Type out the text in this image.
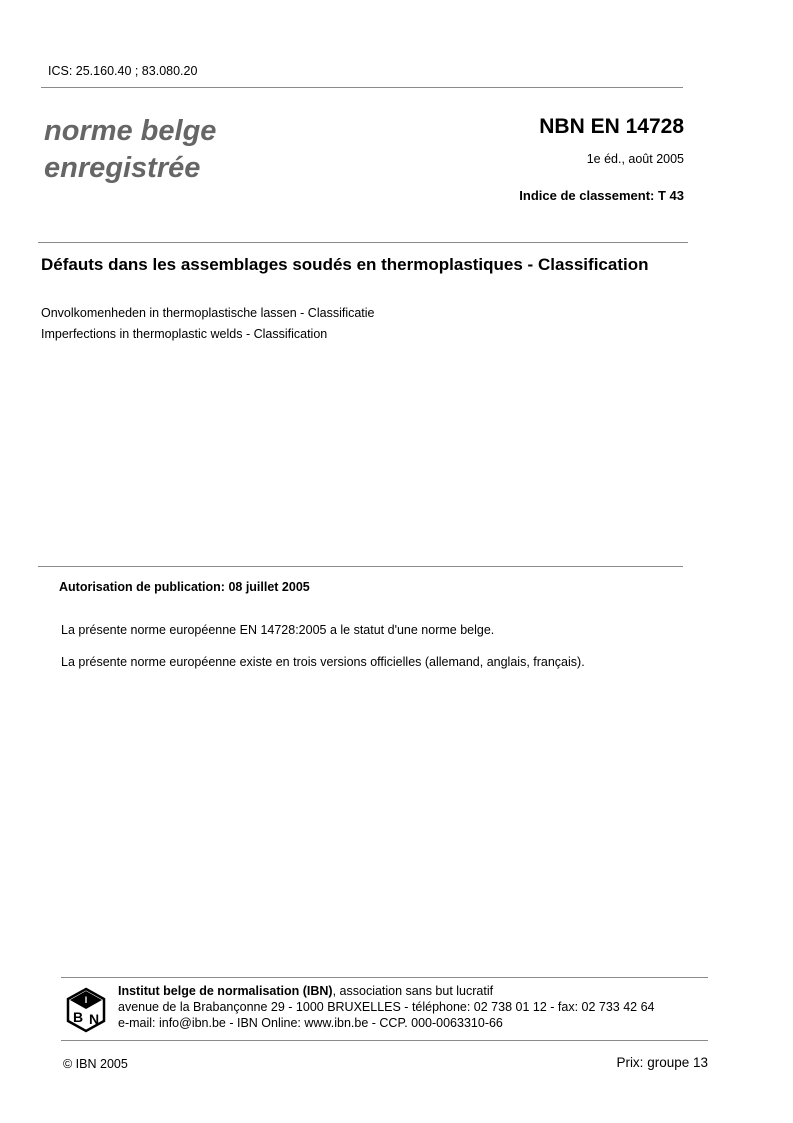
ICS: 25.160.40 ; 83.080.20
norme belge
enregistrée
NBN EN 14728
1e éd., août 2005
Indice de classement: T 43
Défauts dans les assemblages soudés en thermoplastiques - Classification
Onvolkomenheden in thermoplastische lassen - Classificatie
Imperfections in thermoplastic welds - Classification
Autorisation de publication: 08 juillet 2005
La présente norme européenne EN 14728:2005 a le statut d'une norme belge.
La présente norme européenne existe en trois versions officielles (allemand, anglais, français).
I
B N
Institut belge de normalisation (IBN), association sans but lucratif
avenue de la Brabançonne 29 - 1000 BRUXELLES - téléphone: 02 738 01 12 - fax: 02 733 42 64
e-mail: info@ibn.be - IBN Online: www.ibn.be - CCP. 000-0063310-66
© IBN 2005	Prix: groupe 13
